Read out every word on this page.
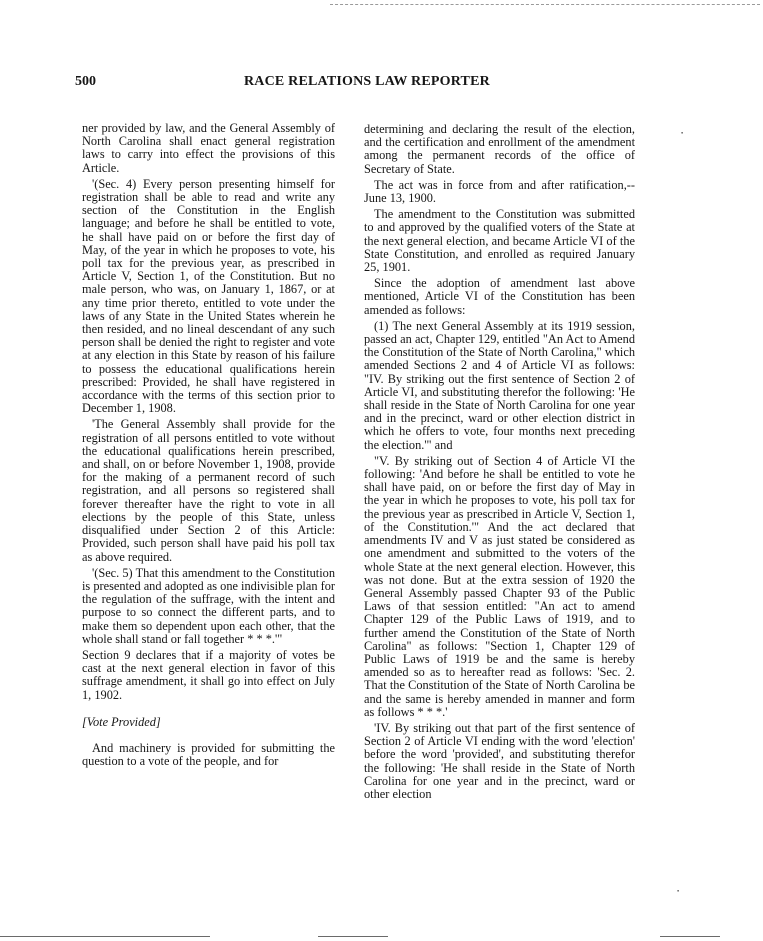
500	RACE RELATIONS LAW REPORTER

ner provided by law, and the General Assembly of North Carolina shall enact general registration laws to carry into effect the provisions of this Article.

'(Sec. 4) Every person presenting himself for registration shall be able to read and write any section of the Constitution in the English language; and before he shall be entitled to vote, he shall have paid on or before the first day of May, of the year in which he proposes to vote, his poll tax for the previous year, as prescribed in Article V, Section 1, of the Constitution. But no male person, who was, on January 1, 1867, or at any time prior thereto, entitled to vote under the laws of any State in the United States wherein he then resided, and no lineal descendant of any such person shall be denied the right to register and vote at any election in this State by reason of his failure to possess the educational qualifications herein prescribed: Provided, he shall have registered in accordance with the terms of this section prior to December 1, 1908.

'The General Assembly shall provide for the registration of all persons entitled to vote without the educational qualifications herein prescribed, and shall, on or before November 1, 1908, provide for the making of a permanent record of such registration, and all persons so registered shall forever thereafter have the right to vote in all elections by the people of this State, unless disqualified under Section 2 of this Article: Provided, such person shall have paid his poll tax as above required.

'(Sec. 5) That this amendment to the Constitution is presented and adopted as one indivisible plan for the regulation of the suffrage, with the intent and purpose to so connect the different parts, and to make them so dependent upon each other, that the whole shall stand or fall together * * *.'"

Section 9 declares that if a majority of votes be cast at the next general election in favor of this suffrage amendment, it shall go into effect on July 1, 1902.

[Vote Provided]

And machinery is provided for submitting the question to a vote of the people, and for

determining and declaring the result of the election, and the certification and enrollment of the amendment among the permanent records of the office of Secretary of State.

The act was in force from and after ratification,--June 13, 1900.

The amendment to the Constitution was submitted to and approved by the qualified voters of the State at the next general election, and became Article VI of the State Constitution, and enrolled as required January 25, 1901.

Since the adoption of amendment last above mentioned, Article VI of the Constitution has been amended as follows:

(1) The next General Assembly at its 1919 session, passed an act, Chapter 129, entitled "An Act to Amend the Constitution of the State of North Carolina," which amended Sections 2 and 4 of Article VI as follows: "IV. By striking out the first sentence of Section 2 of Article VI, and substituting therefor the following: 'He shall reside in the State of North Carolina for one year and in the precinct, ward or other election district in which he offers to vote, four months next preceding the election.'" and

"V. By striking out of Section 4 of Article VI the following: 'And before he shall be entitled to vote he shall have paid, on or before the first day of May in the year in which he proposes to vote, his poll tax for the previous year as prescribed in Article V, Section 1, of the Constitution.'" And the act declared that amendments IV and V as just stated be considered as one amendment and submitted to the voters of the whole State at the next general election. However, this was not done. But at the extra session of 1920 the General Assembly passed Chapter 93 of the Public Laws of that session entitled: "An act to amend Chapter 129 of the Public Laws of 1919, and to further amend the Constitution of the State of North Carolina" as follows: "Section 1, Chapter 129 of Public Laws of 1919 be and the same is hereby amended so as to hereafter read as follows: 'Sec. 2. That the Constitution of the State of North Carolina be and the same is hereby amended in manner and form as follows * * *.'

'IV. By striking out that part of the first sentence of Section 2 of Article VI ending with the word 'election' before the word 'provided', and substituting therefor the following: 'He shall reside in the State of North Carolina for one year and in the precinct, ward or other election

⋅
⋅
